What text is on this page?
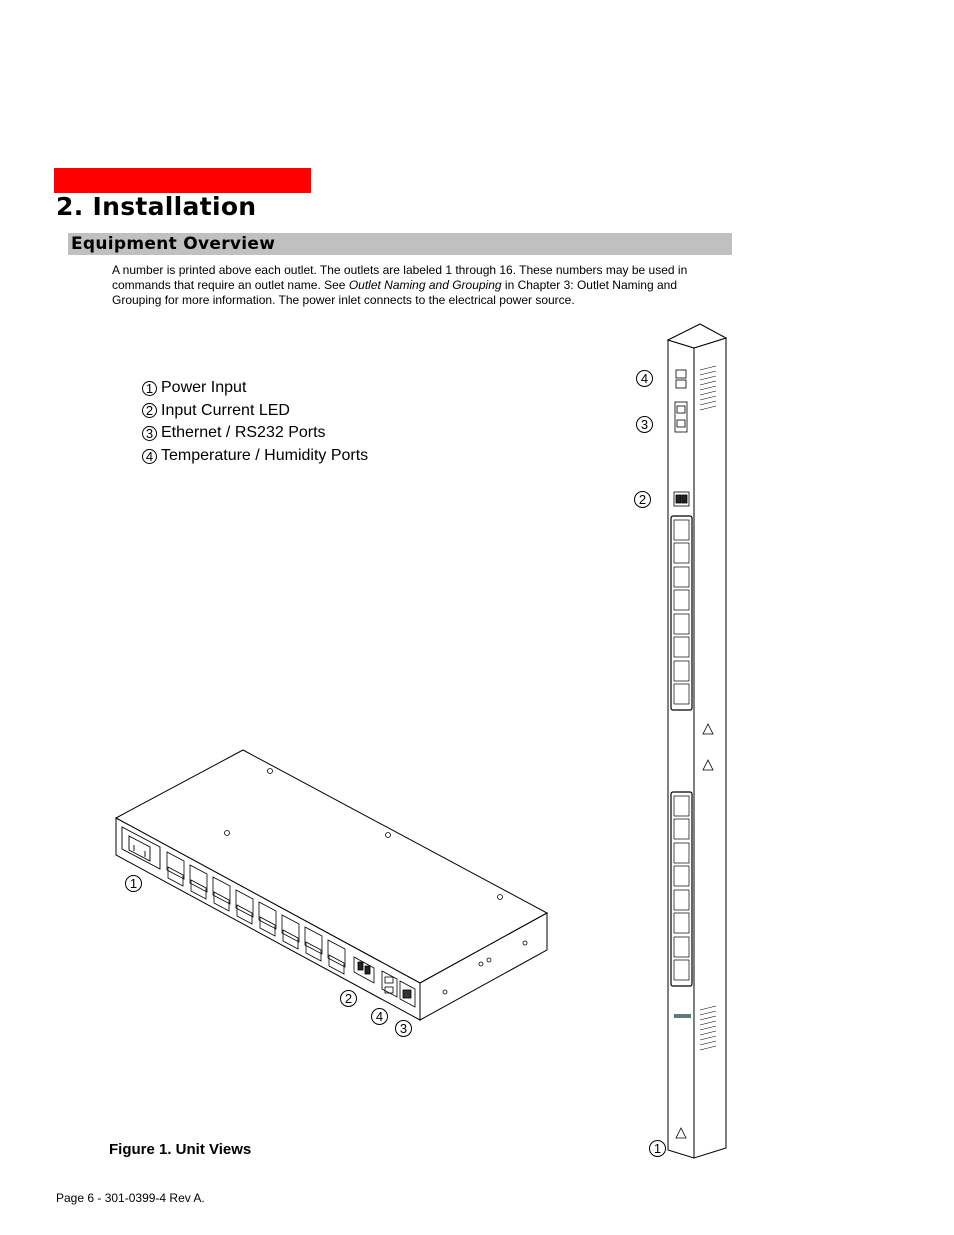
2. Installation
Equipment Overview

A number is printed above each outlet. The outlets are labeled 1 through 16. These numbers may be used in commands that require an outlet name. See Outlet Naming and Grouping in Chapter 3: Outlet Naming and Grouping for more information. The power inlet connects to the electrical power source.

1 Power Input
2 Input Current LED
3 Ethernet / RS232 Ports
4 Temperature / Humidity Ports
4
3
2
1
1
2
4
3

Figure 1. Unit Views

Page 6 - 301-0399-4 Rev A.
